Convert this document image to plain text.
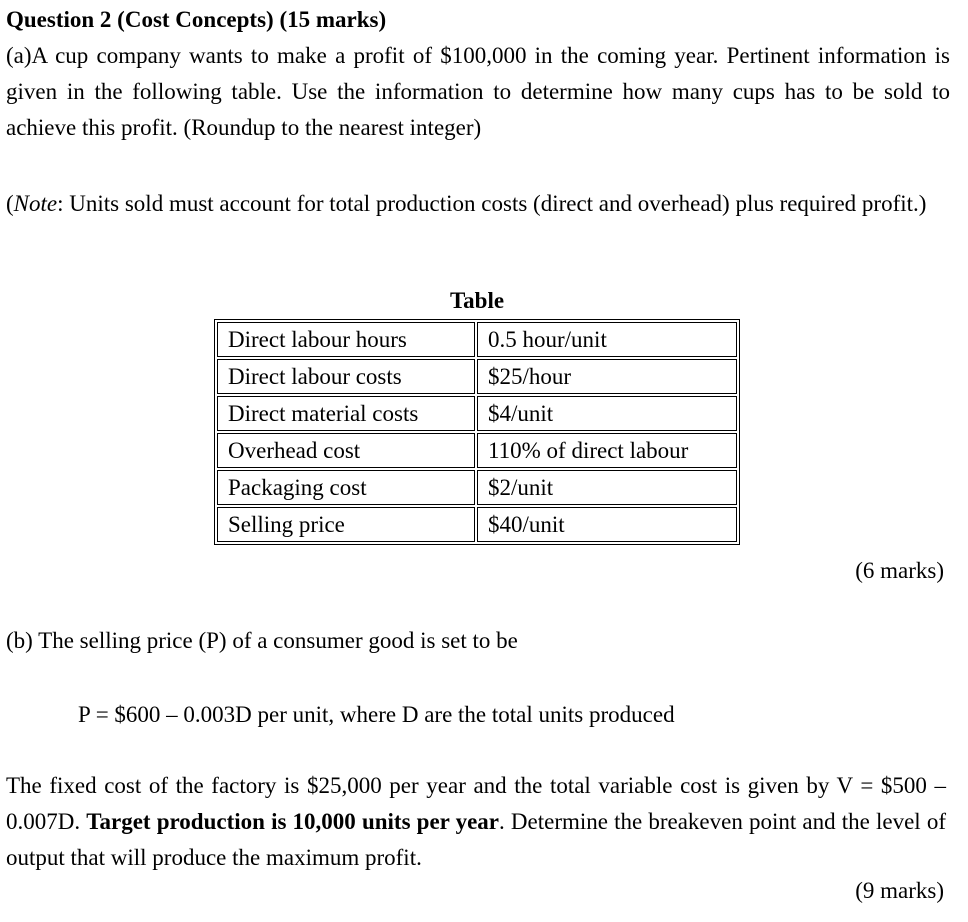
Question 2 (Cost Concepts) (15 marks)

(a)A cup company wants to make a profit of $100,000 in the coming year. Pertinent information is given in the following table. Use the information to determine how many cups has to be sold to achieve this profit. (Roundup to the nearest integer)

(Note: Units sold must account for total production costs (direct and overhead) plus required profit.)

Table

Direct labour hours	0.5 hour/unit
Direct labour costs	$25/hour
Direct material costs	$4/unit
Overhead cost	110% of direct labour
Packaging cost	$2/unit
Selling price	$40/unit
(6 marks)

(b) The selling price (P) of a consumer good is set to be

P = $600 – 0.003D per unit, where D are the total units produced

The fixed cost of the factory is $25,000 per year and the total variable cost is given by V = $500 – 0.007D. Target production is 10,000 units per year. Determine the breakeven point and the level of output that will produce the maximum profit.

(9 marks)
